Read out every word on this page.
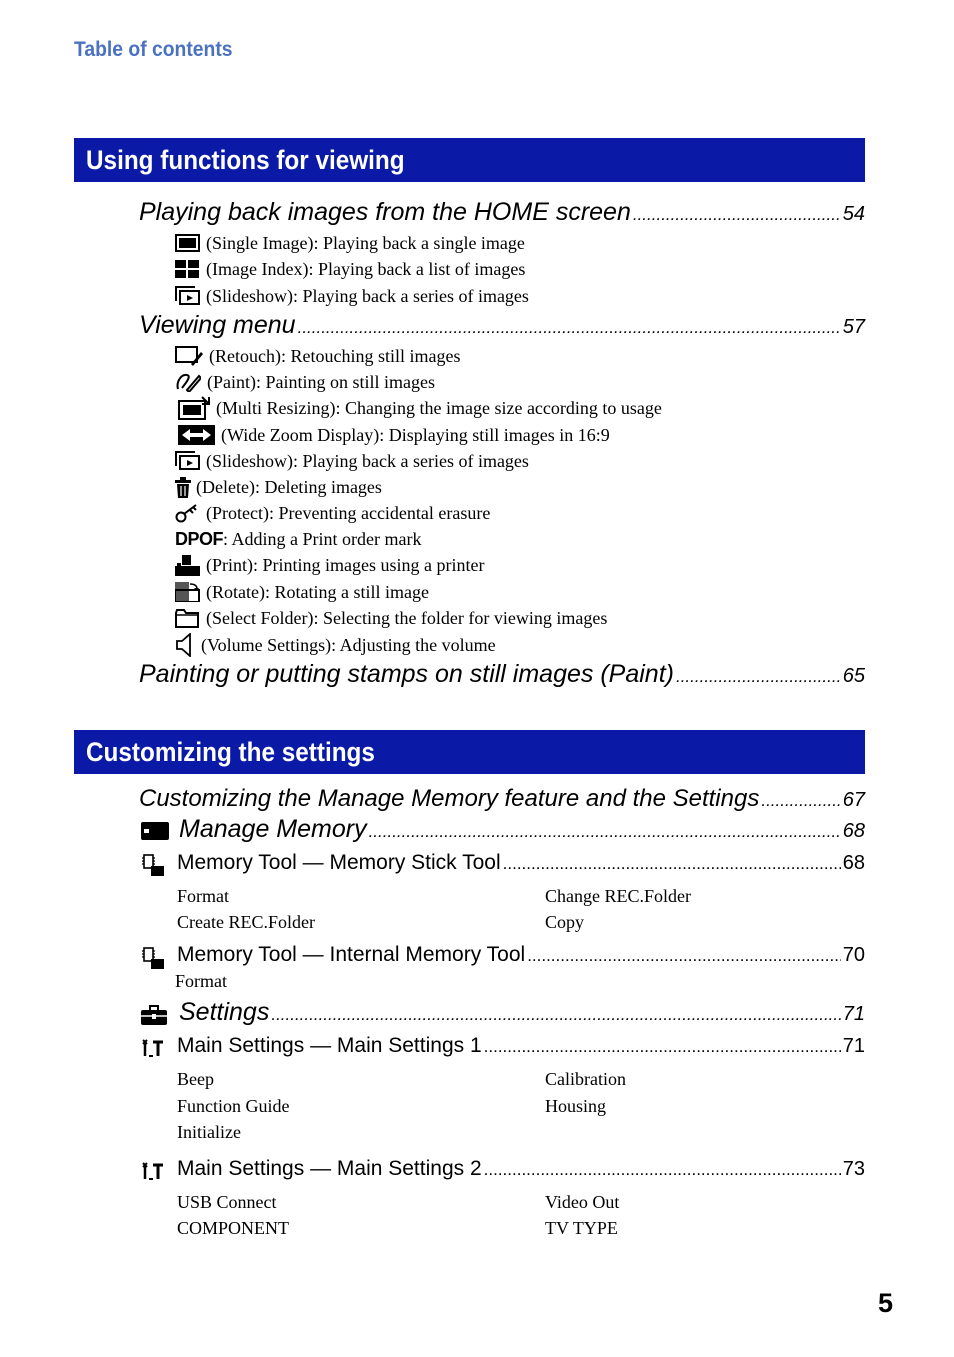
Table of contents
Using functions for viewing
Playing back images from the HOME screen .....	54
(Single Image): Playing back a single image
(Image Index): Playing back a list of images
(Slideshow): Playing back a series of images
Viewing menu .....	57
(Retouch): Retouching still images
(Paint): Painting on still images
(Multi Resizing): Changing the image size according to usage
(Wide Zoom Display): Displaying still images in 16:9
(Slideshow): Playing back a series of images
(Delete): Deleting images
(Protect): Preventing accidental erasure
DPOF : Adding a Print order mark
(Print): Printing images using a printer
(Rotate): Rotating a still image
(Select Folder): Selecting the folder for viewing images
(Volume Settings): Adjusting the volume
Painting or putting stamps on still images (Paint) .....	65
Customizing the settings
Customizing the Manage Memory feature and the Settings .....	67
Manage Memory .....	68
Memory Tool — Memory Stick Tool .....	68
Format	Change REC.Folder
Create REC.Folder	Copy
Memory Tool — Internal Memory Tool .....	70
Format
Settings .....	71
Main Settings — Main Settings 1 .....	71
Beep	Calibration
Function Guide	Housing
Initialize
Main Settings — Main Settings 2 .....	73
USB Connect	Video Out
COMPONENT	TV TYPE
5
